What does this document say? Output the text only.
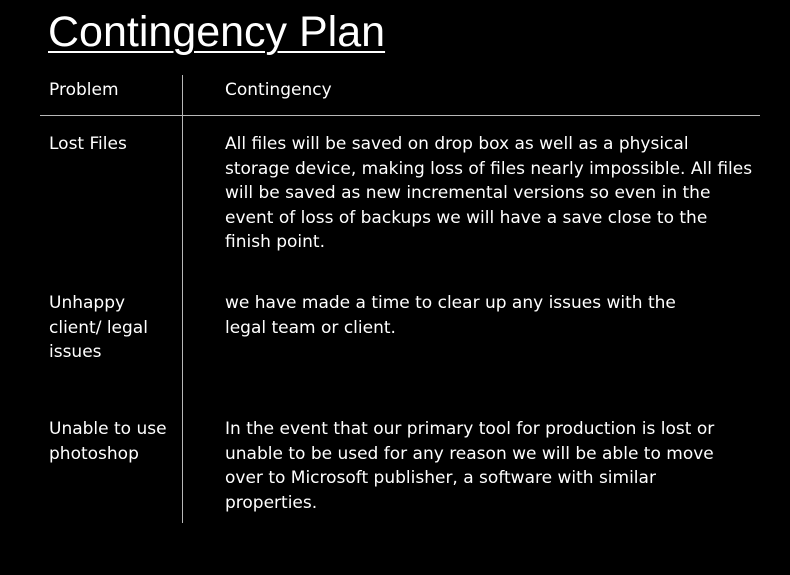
Contingency Plan
Problem	Contingency
Lost Files	All files will be saved on drop box as well as a physical storage device, making loss of files nearly impossible. All files will be saved as new incremental versions so even in the event of loss of backups we will have a save close to the finish point.
Unhappy client/ legal issues
we have made a time to clear up any issues with the legal team or client.
Unable to use photoshop
In the event that our primary tool for production is lost or unable to be used for any reason we will be able to move over to Microsoft publisher, a software with similar properties.
